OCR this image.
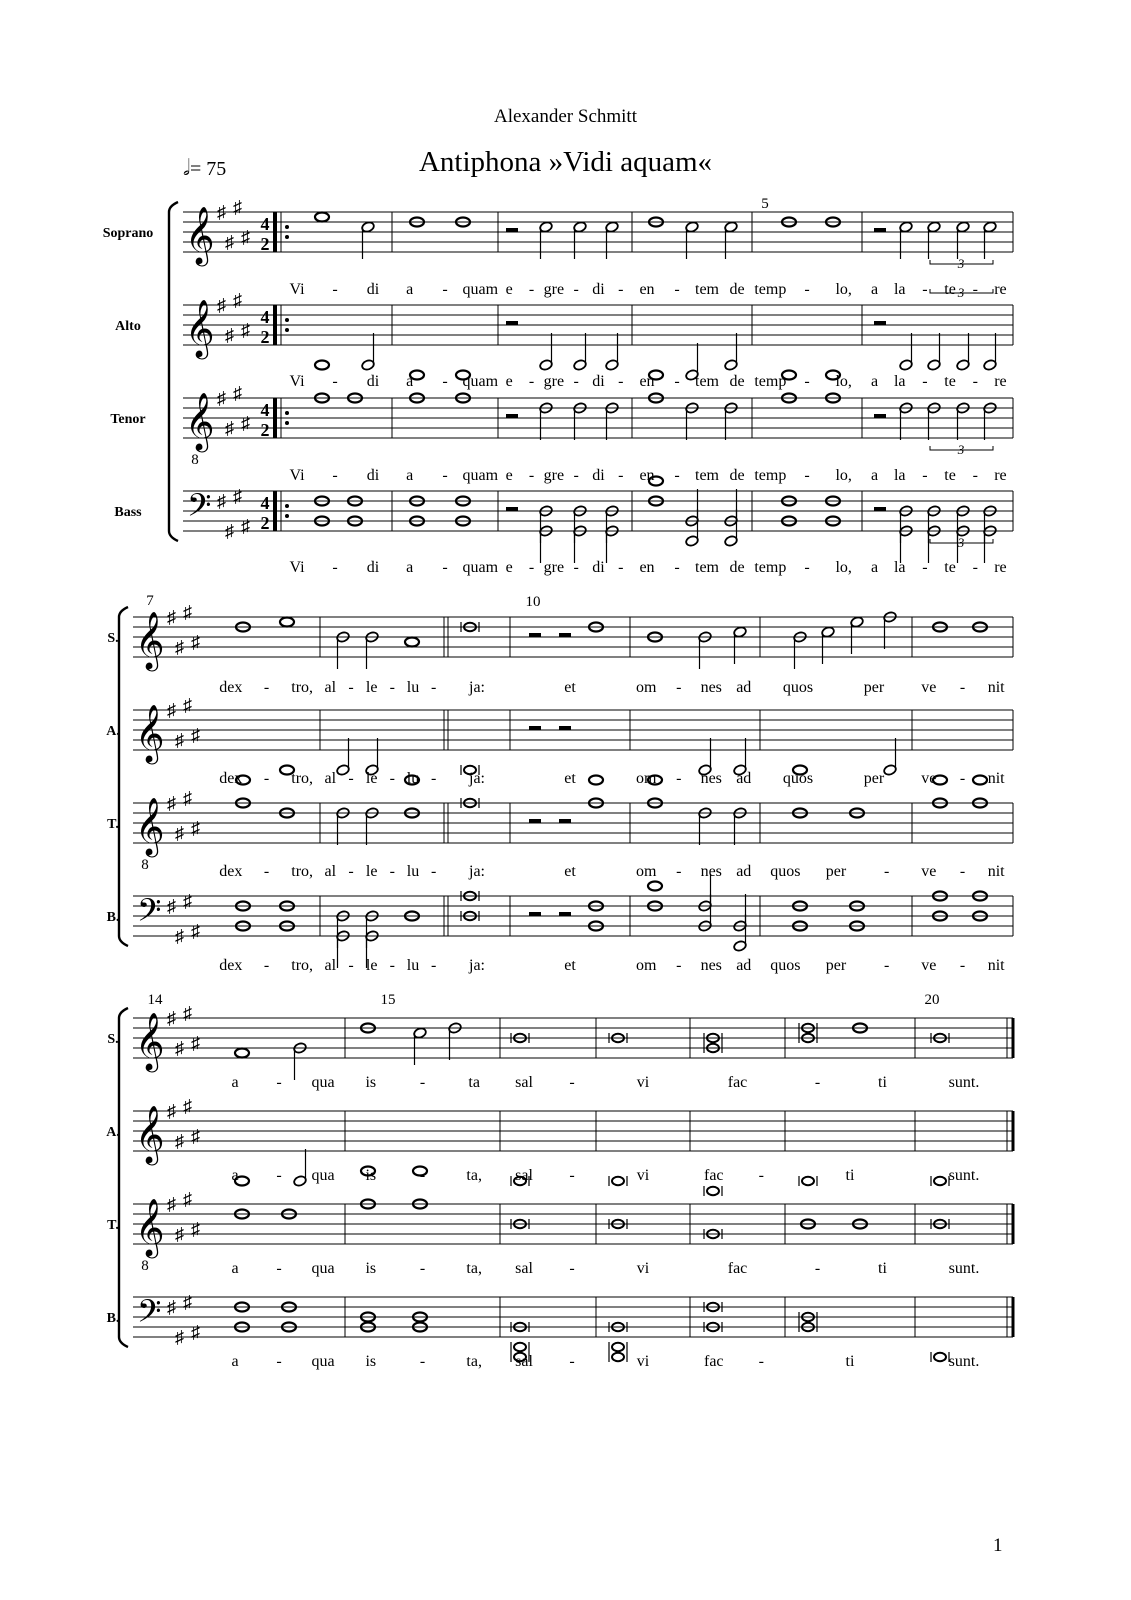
Alexander Schmitt
Antiphona »Vidi aquam«
𝅗𝅥= 75
1
Soprano 𝄞 ♯
♯
♯
♯
4
2
Alto 𝄞 ♯
♯
♯
♯
4
2
Tenor 𝄞
8
♯
♯
♯
♯
4
2
Bass 𝄢 ♯
♯
♯
♯
4
2
5
Vi - di a - quam e - gre - di - en - tem de temp - lo, a la - te - re
Vi - di a - quam e - gre - di - en - tem de temp - lo, a la - te - re
Vi - di a - quam e - gre - di - en - tem de temp - lo, a la - te - re
Vi - di a - quam e - gre - di - en - tem de temp - lo, a la - te - re
3
3
3
3
S. 𝄞 ♯
♯
♯
♯
A. 𝄞 ♯
♯
♯
♯
T. 𝄞
8
♯
♯
♯
♯
B. 𝄢 ♯
♯
♯
♯
10
7
dex - tro, al - le - lu - ja:	et	om - nes ad quos	per ve - nit
dex - tro, al - le - lu - ja:	et	om - nes ad quos	per ve - nit
dex - tro, al - le - lu - ja:	et	om - nes ad quos per - ve - nit
dex - tro, al - le - lu - ja:	et	om - nes ad quos per - ve - nit
S. 𝄞 ♯
♯
♯
♯
A. 𝄞 ♯
♯
♯
♯
T. 𝄞
8
♯
♯
♯
♯
B. 𝄢 ♯
♯
♯
♯
15	20
14
a - qua is	-	ta sal -	vi	fac	-	ti	sunt.
a - qua is	-	ta, sal -	vi	fac -	ti	sunt.
a - qua is	-	ta, sal -	vi	fac	-	ti	sunt.
a - qua is	-	ta, sal -	vi	fac -	ti	sunt.
